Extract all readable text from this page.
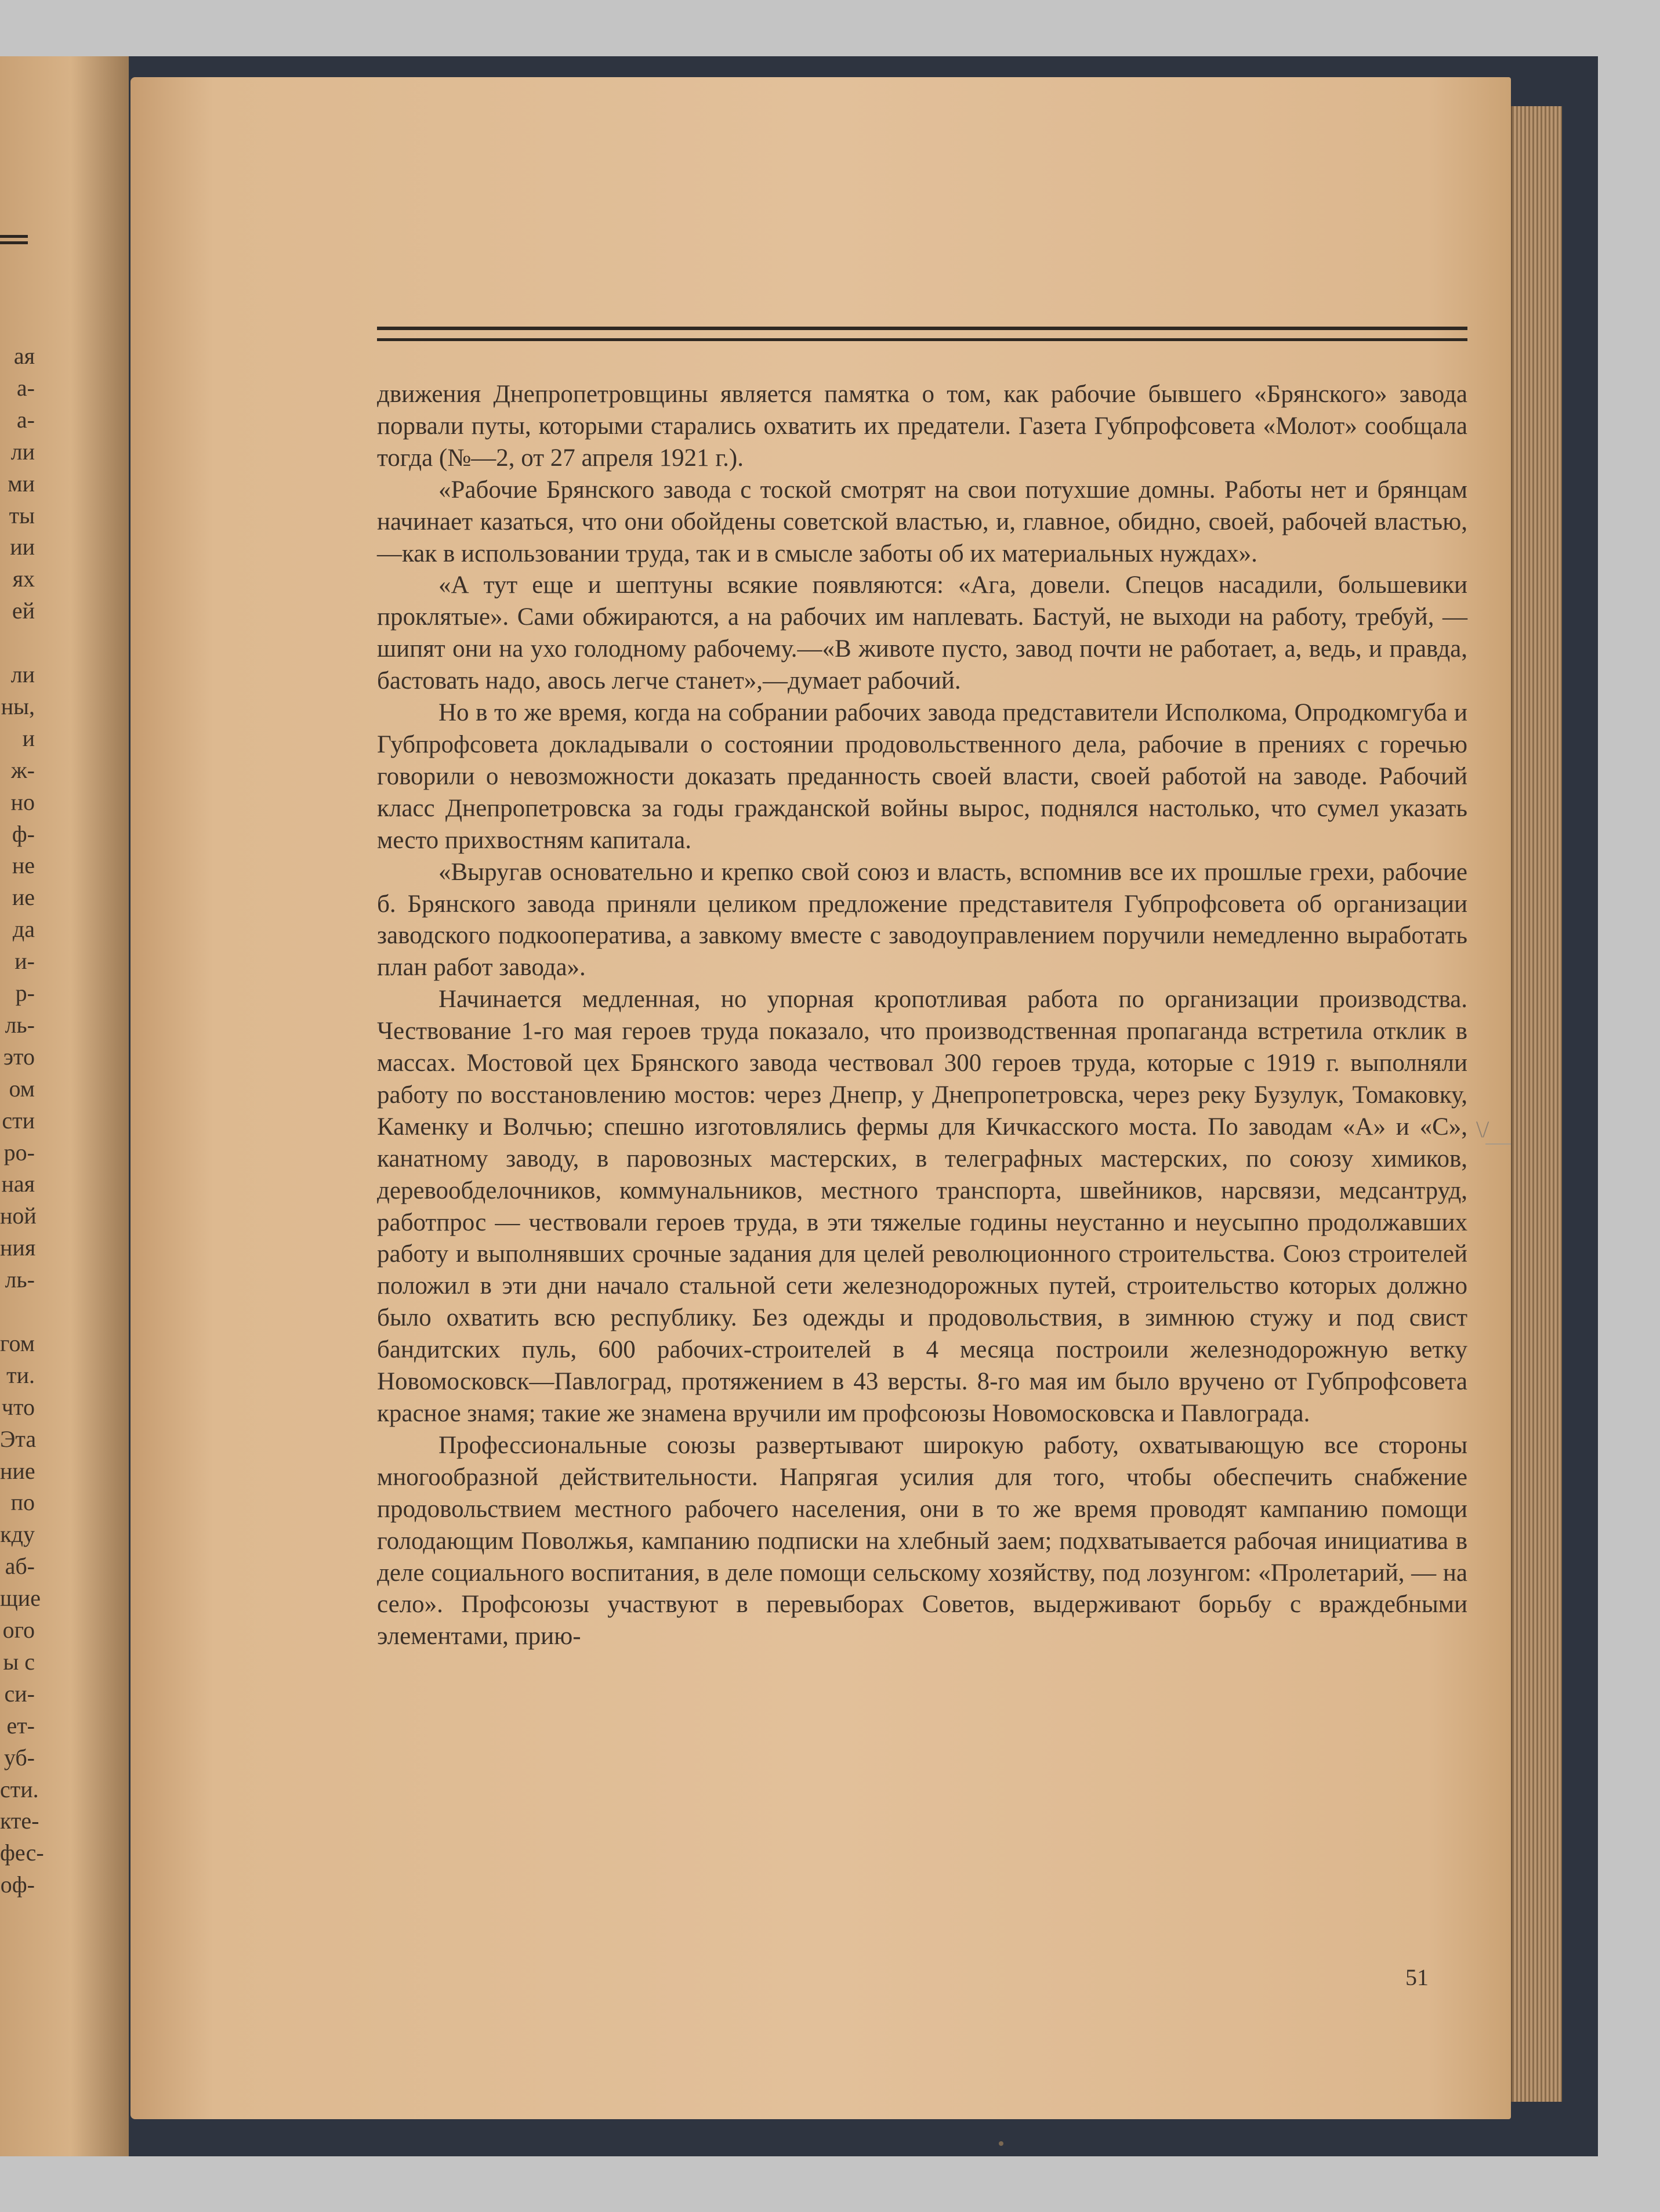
ая
а-
а-
ли
ми
ты
ии
ях
ей
ли
ны,
и
ж-
но
ф-
не
ие
да
и-
р-
ль-
это
ом
сти
ро-
ная
ной
ния
ль-
гом
ти.
что
Эта
ние
по
кду
аб-
щие
ого
ы с
си-
ет-
уб-
сти.
кте-
фес-
оф-

движения Днепропетровщины является памятка о том, как рабочие бывшего «Брянского» завода порвали путы, которыми старались охватить их предатели. Газета Губпрофсовета «Молот» сообщала тогда (№—2, от 27 апреля 1921 г.).

«Рабочие Брянского завода с тоской смотрят на свои потухшие домны. Работы нет и брянцам начинает казаться, что они обойдены советской властью, и, главное, обидно, своей, рабочей властью,—как в использовании труда, так и в смысле заботы об их материальных нуждах».

«А тут еще и шептуны всякие появляются: «Ага, довели. Спецов насадили, большевики проклятые». Сами обжираются, а на рабочих им наплевать. Бастуй, не выходи на работу, требуй, — шипят они на ухо голодному рабочему.—«В животе пусто, завод почти не работает, а, ведь, и правда, бастовать надо, авось легче станет»,—думает рабочий.

Но в то же время, когда на собрании рабочих завода представители Исполкома, Опродкомгуба и Губпрофсовета докладывали о состоянии продовольственного дела, рабочие в прениях с горечью говорили о невозможности доказать преданность своей власти, своей работой на заводе. Рабочий класс Днепропетровска за годы гражданской войны вырос, поднялся настолько, что сумел указать место прихвостням капитала.

«Выругав основательно и крепко свой союз и власть, вспомнив все их прошлые грехи, рабочие б. Брянского завода приняли целиком предложение представителя Губпрофсовета об организации заводского подкооператива, а завкому вместе с заводоуправлением поручили немедленно выработать план работ завода».

Начинается медленная, но упорная кропотливая работа по организации производства. Чествование 1-го мая героев труда показало, что производственная пропаганда встретила отклик в массах. Мостовой цех Брянского завода чествовал 300 героев труда, которые с 1919 г. выполняли работу по восстановлению мостов: через Днепр, у Днепропетровска, через реку Бузулук, Томаковку, Каменку и Волчью; спешно изготовлялись фермы для Кичкасского моста. По заводам «А» и «С», канатному заводу, в паровозных мастерских, в телеграфных мастерских, по союзу химиков, деревообделочников, коммунальников, местного транспорта, швейников, нарсвязи, медсантруд, работпрос — чествовали героев труда, в эти тяжелые годины неустанно и неусыпно продолжавших работу и выполнявших срочные задания для целей революционного строительства. Союз строителей положил в эти дни начало стальной сети железнодорожных путей, строительство которых должно было охватить всю республику. Без одежды и продовольствия, в зимнюю стужу и под свист бандитских пуль, 600 рабочих-строителей в 4 месяца построили железнодорожную ветку Новомосковск—Павлоград, протяжением в 43 версты. 8-го мая им было вручено от Губпрофсовета красное знамя; такие же знамена вручили им профсоюзы Новомосковска и Павлограда.

Профессиональные союзы развертывают широкую работу, охватывающую все стороны многообразной действительности. Напрягая усилия для того, чтобы обеспечить снабжение продовольствием местного рабочего населения, они в то же время проводят кампанию помощи голодающим Поволжья, кампанию подписки на хлебный заем; подхватывается рабочая инициатива в деле социального воспитания, в деле помощи сельскому хозяйству, под лозунгом: «Пролетарий, — на село». Профсоюзы участвуют в перевыборах Советов, выдерживают борьбу с враждебными элементами, прию-

\/
51
